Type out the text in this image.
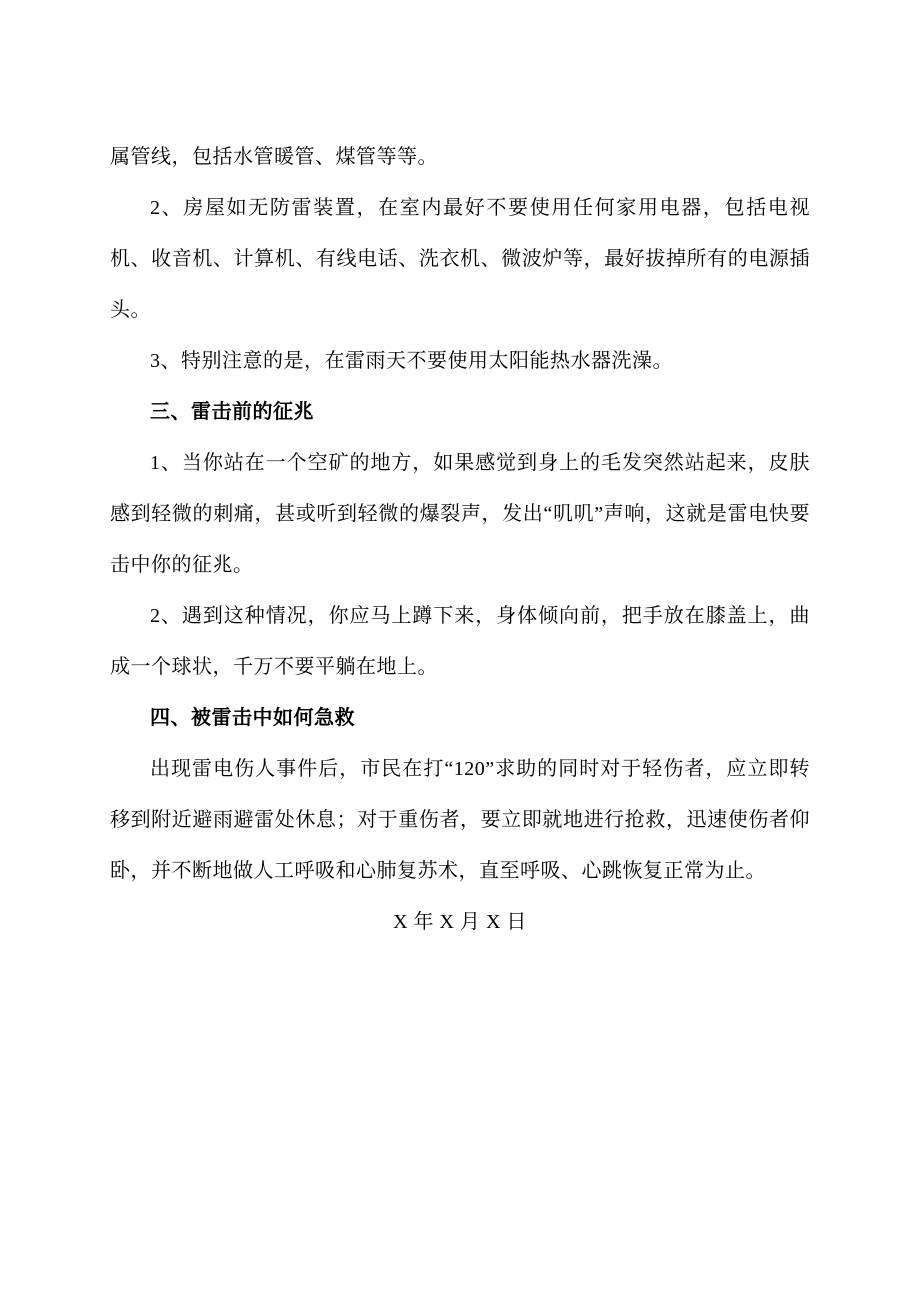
属管线，包括水管暖管、煤管等等。

2、房屋如无防雷装置，在室内最好不要使用任何家用电器，包括电视机、收音机、计算机、有线电话、洗衣机、微波炉等，最好拔掉所有的电源插头。

3、特别注意的是，在雷雨天不要使用太阳能热水器洗澡。

三、雷击前的征兆

1、当你站在一个空矿的地方，如果感觉到身上的毛发突然站起来，皮肤感到轻微的刺痛，甚或听到轻微的爆裂声，发出“叽叽”声响，这就是雷电快要击中你的征兆。

2、遇到这种情况，你应马上蹲下来，身体倾向前，把手放在膝盖上，曲成一个球状，千万不要平躺在地上。

四、被雷击中如何急救

出现雷电伤人事件后，市民在打“120”求助的同时对于轻伤者，应立即转移到附近避雨避雷处休息；对于重伤者，要立即就地进行抢救，迅速使伤者仰卧，并不断地做人工呼吸和心肺复苏术，直至呼吸、心跳恢复正常为止。

X 年 X 月 X 日
